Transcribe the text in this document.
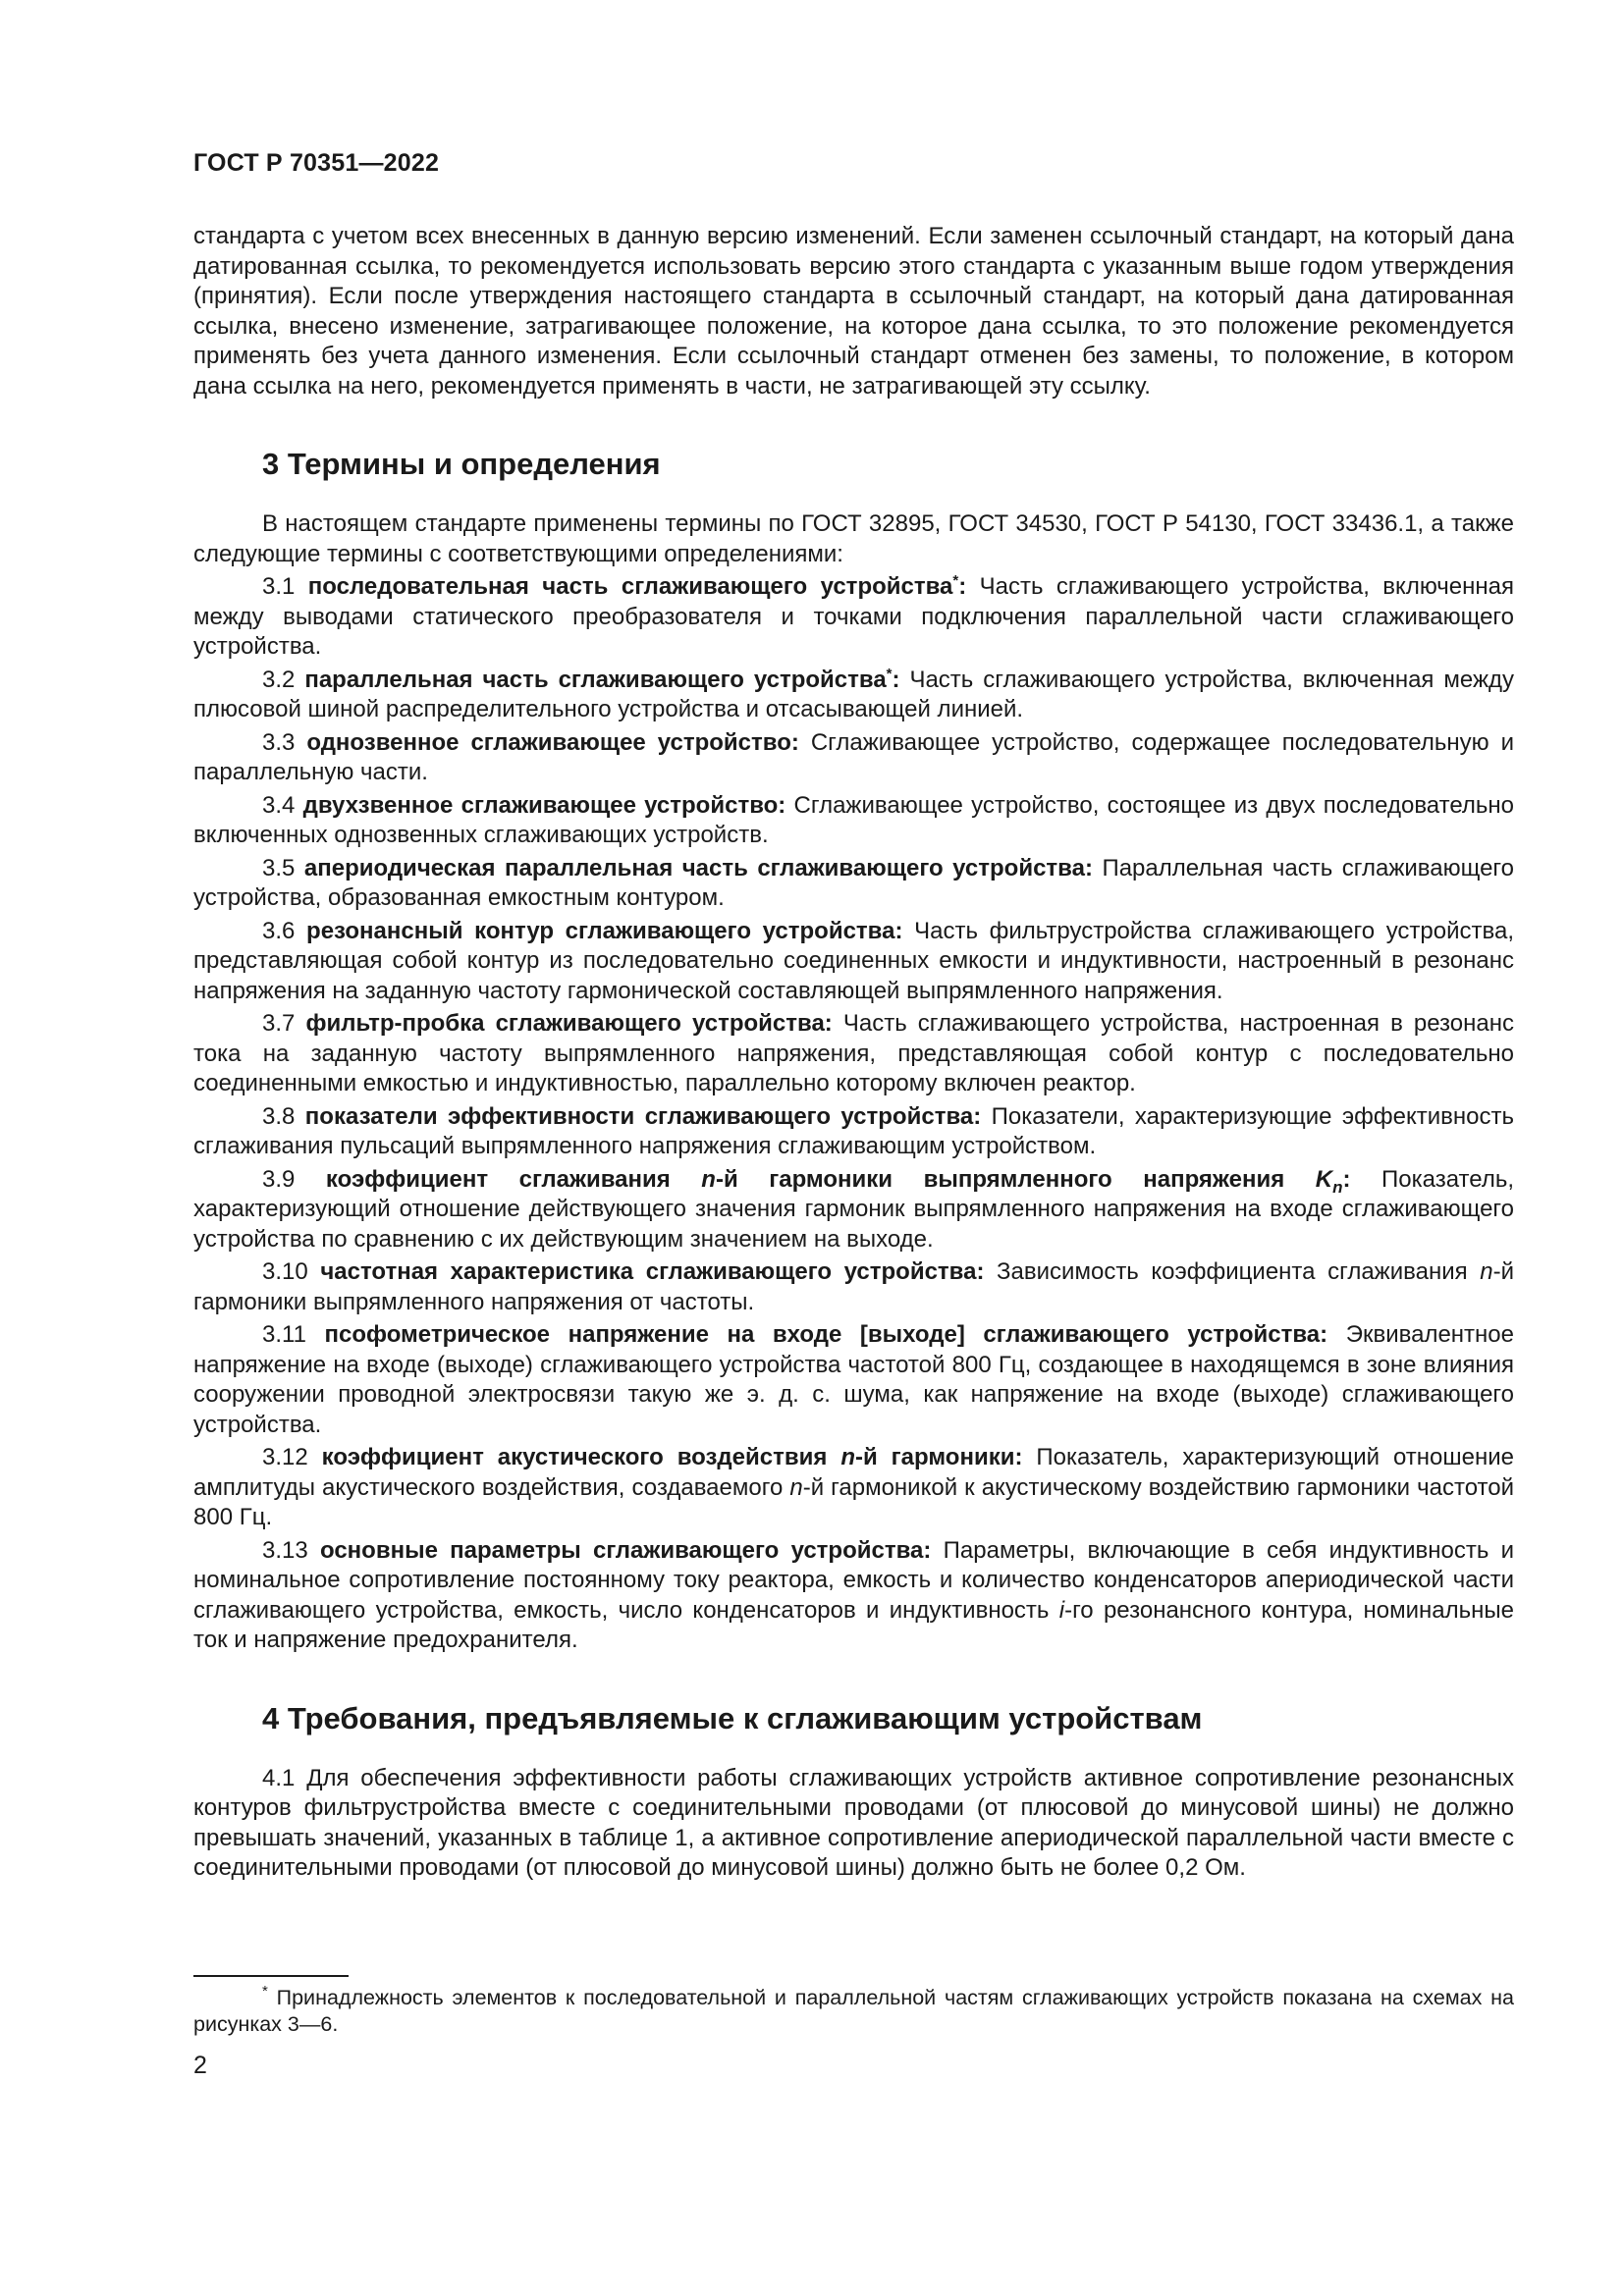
ГОСТ Р 70351—2022

стандарта с учетом всех внесенных в данную версию изменений. Если заменен ссылочный стандарт, на который дана датированная ссылка, то рекомендуется использовать версию этого стандарта с указанным выше годом утверждения (принятия). Если после утверждения настоящего стандарта в ссылочный стандарт, на который дана датированная ссылка, внесено изменение, затрагивающее положение, на которое дана ссылка, то это положение рекомендуется применять без учета данного изменения. Если ссылочный стандарт отменен без замены, то положение, в котором дана ссылка на него, рекомендуется применять в части, не затрагивающей эту ссылку.

3 Термины и определения

В настоящем стандарте применены термины по ГОСТ 32895, ГОСТ 34530, ГОСТ Р 54130, ГОСТ 33436.1, а также следующие термины с соответствующими определениями:

3.1 последовательная часть сглаживающего устройства*: Часть сглаживающего устройства, включенная между выводами статического преобразователя и точками подключения параллельной части сглаживающего устройства.

3.2 параллельная часть сглаживающего устройства*: Часть сглаживающего устройства, включенная между плюсовой шиной распределительного устройства и отсасывающей линией.

3.3 однозвенное сглаживающее устройство: Сглаживающее устройство, содержащее последовательную и параллельную части.

3.4 двухзвенное сглаживающее устройство: Сглаживающее устройство, состоящее из двух последовательно включенных однозвенных сглаживающих устройств.

3.5 апериодическая параллельная часть сглаживающего устройства: Параллельная часть сглаживающего устройства, образованная емкостным контуром.

3.6 резонансный контур сглаживающего устройства: Часть фильтрустройства сглаживающего устройства, представляющая собой контур из последовательно соединенных емкости и индуктивности, настроенный в резонанс напряжения на заданную частоту гармонической составляющей выпрямленного напряжения.

3.7 фильтр-пробка сглаживающего устройства: Часть сглаживающего устройства, настроенная в резонанс тока на заданную частоту выпрямленного напряжения, представляющая собой контур с последовательно соединенными емкостью и индуктивностью, параллельно которому включен реактор.

3.8 показатели эффективности сглаживающего устройства: Показатели, характеризующие эффективность сглаживания пульсаций выпрямленного напряжения сглаживающим устройством.

3.9 коэффициент сглаживания n-й гармоники выпрямленного напряжения $K_n$: Показатель, характеризующий отношение действующего значения гармоник выпрямленного напряжения на входе сглаживающего устройства по сравнению с их действующим значением на выходе.

3.10 частотная характеристика сглаживающего устройства: Зависимость коэффициента сглаживания n-й гармоники выпрямленного напряжения от частоты.

3.11 псофометрическое напряжение на входе [выходе] сглаживающего устройства: Эквивалентное напряжение на входе (выходе) сглаживающего устройства частотой 800 Гц, создающее в находящемся в зоне влияния сооружении проводной электросвязи такую же э. д. с. шума, как напряжение на входе (выходе) сглаживающего устройства.

3.12 коэффициент акустического воздействия n-й гармоники: Показатель, характеризующий отношение амплитуды акустического воздействия, создаваемого n-й гармоникой к акустическому воздействию гармоники частотой 800 Гц.

3.13 основные параметры сглаживающего устройства: Параметры, включающие в себя индуктивность и номинальное сопротивление постоянному току реактора, емкость и количество конденсаторов апериодической части сглаживающего устройства, емкость, число конденсаторов и индуктивность i-го резонансного контура, номинальные ток и напряжение предохранителя.

4 Требования, предъявляемые к сглаживающим устройствам

4.1 Для обеспечения эффективности работы сглаживающих устройств активное сопротивление резонансных контуров фильтрустройства вместе с соединительными проводами (от плюсовой до минусовой шины) не должно превышать значений, указанных в таблице 1, а активное сопротивление апериодической параллельной части вместе с соединительными проводами (от плюсовой до минусовой шины) должно быть не более 0,2 Ом.

* Принадлежность элементов к последовательной и параллельной частям сглаживающих устройств показана на схемах на рисунках 3—6.

2
